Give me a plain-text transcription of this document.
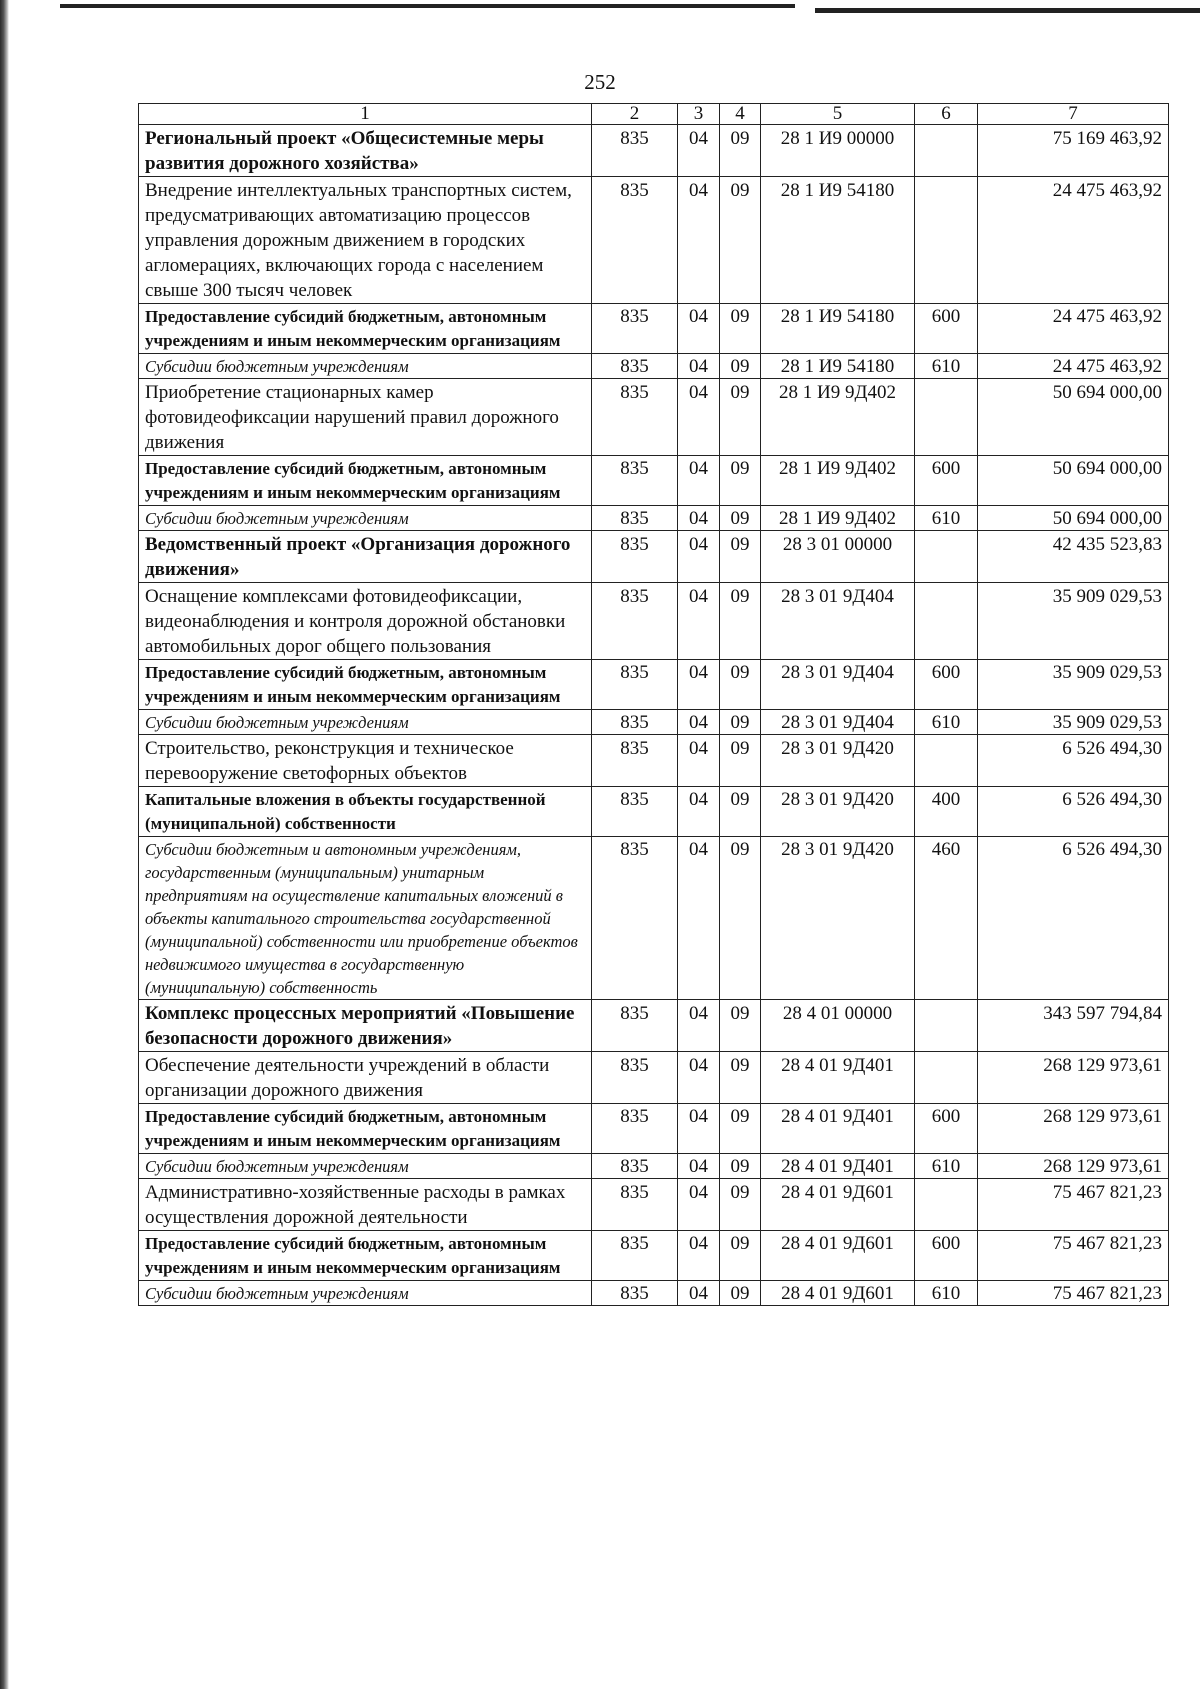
252
1	2	3	4	5	6	7
Региональный проект «Общесистемные меры развития дорожного хозяйства»	835	04	09	28 1 И9 00000		75 169 463,92
Внедрение интеллектуальных транспортных систем, предусматривающих автоматизацию процессов управления дорожным движением в городских агломерациях, включающих города с населением свыше 300 тысяч человек	835	04	09	28 1 И9 54180		24 475 463,92
Предоставление субсидий бюджетным, автономным учреждениям и иным некоммерческим организациям	835	04	09	28 1 И9 54180	600	24 475 463,92
Субсидии бюджетным учреждениям	835	04	09	28 1 И9 54180	610	24 475 463,92
Приобретение стационарных камер фотовидеофиксации нарушений правил дорожного движения	835	04	09	28 1 И9 9Д402		50 694 000,00
Предоставление субсидий бюджетным, автономным учреждениям и иным некоммерческим организациям	835	04	09	28 1 И9 9Д402	600	50 694 000,00
Субсидии бюджетным учреждениям	835	04	09	28 1 И9 9Д402	610	50 694 000,00
Ведомственный проект «Организация дорожного движения»	835	04	09	28 3 01 00000		42 435 523,83
Оснащение комплексами фотовидеофиксации, видеонаблюдения и контроля дорожной обстановки автомобильных дорог общего пользования	835	04	09	28 3 01 9Д404		35 909 029,53
Предоставление субсидий бюджетным, автономным учреждениям и иным некоммерческим организациям	835	04	09	28 3 01 9Д404	600	35 909 029,53
Субсидии бюджетным учреждениям	835	04	09	28 3 01 9Д404	610	35 909 029,53
Строительство, реконструкция и техническое перевооружение светофорных объектов	835	04	09	28 3 01 9Д420		6 526 494,30
Капитальные вложения в объекты государственной (муниципальной) собственности	835	04	09	28 3 01 9Д420	400	6 526 494,30
Субсидии бюджетным и автономным учреждениям, государственным (муниципальным) унитарным предприятиям на осуществление капитальных вложений в объекты капитального строительства государственной (муниципальной) собственности или приобретение объектов недвижимого имущества в государственную (муниципальную) собственность	835	04	09	28 3 01 9Д420	460	6 526 494,30
Комплекс процессных мероприятий «Повышение безопасности дорожного движения»	835	04	09	28 4 01 00000		343 597 794,84
Обеспечение деятельности учреждений в области организации дорожного движения	835	04	09	28 4 01 9Д401		268 129 973,61
Предоставление субсидий бюджетным, автономным учреждениям и иным некоммерческим организациям	835	04	09	28 4 01 9Д401	600	268 129 973,61
Субсидии бюджетным учреждениям	835	04	09	28 4 01 9Д401	610	268 129 973,61
Административно-хозяйственные расходы в рамках осуществления дорожной деятельности	835	04	09	28 4 01 9Д601		75 467 821,23
Предоставление субсидий бюджетным, автономным учреждениям и иным некоммерческим организациям	835	04	09	28 4 01 9Д601	600	75 467 821,23
Субсидии бюджетным учреждениям	835	04	09	28 4 01 9Д601	610	75 467 821,23
